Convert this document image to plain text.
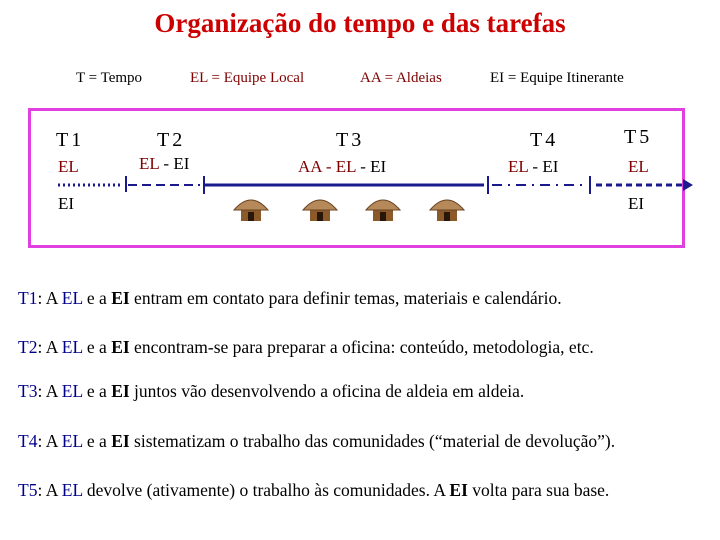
Organização do tempo e das tarefas
T = Tempo	EL = Equipe Local	AA = Aldeias	EI = Equipe Itinerante
T1	T2	T3	T4	T5
EL
EI
EL - EI	AA - EL - EI	EL - EI	EL
EI
T1: A EL e a EI entram em contato para definir temas, materiais e calendário.
T2: A EL e a EI encontram-se para preparar a oficina: conteúdo, metodologia, etc.
T3: A EL e a EI juntos vão desenvolvendo a oficina de aldeia em aldeia.
T4: A EL e a EI sistematizam o trabalho das comunidades (“material de devolução”).
T5: A EL devolve (ativamente) o trabalho às comunidades. A EI volta para sua base.
